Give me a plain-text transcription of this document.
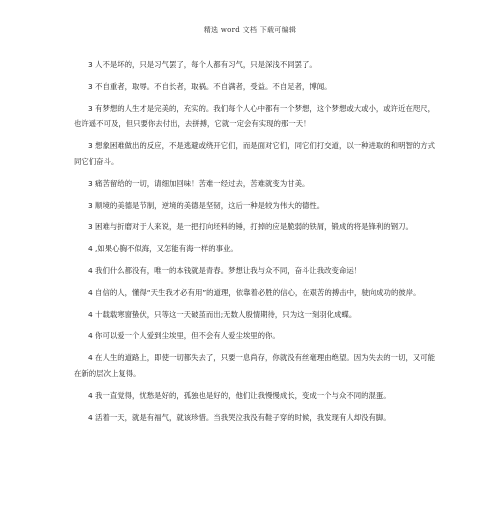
精选 word 文档 下载可编辑

3 人不是坏的，只是习气罢了，每个人都有习气，只是深浅不同罢了。

3 不自重者，取辱。不自长者，取祸。不自满者，受益。不自足者，博闻。

3 有梦想的人生才是完美的，充实的。我们每个人心中都有一个梦想，这个梦想或大或小，或许近在咫尺，也许遥不可及，但只要你去付出，去拼搏，它就一定会有实现的那一天！

3 想象困难做出的反应，不是逃避或绕开它们，而是面对它们，同它们打交道，以一种进取的和明智的方式同它们奋斗。

3 痛苦留给的一切，请细加回味！苦难一经过去，苦难就变为甘美。

3 顺境的美德是节制，逆境的美德是坚韧，这后一种是较为伟大的德性。

3 困难与折磨对于人来说，是一把打向坯料的锤，打掉的应是脆弱的铁屑，锻成的将是锋利的钢刀。

4 ,如果心胸不似海，又怎能有海一样的事业。

4 我们什么都没有，唯一的本钱就是青春。梦想让我与众不同，奋斗让我改变命运！

4 自信的人，懂得“天生我才必有用”的道理，依靠着必胜的信心，在艰苦的搏击中，驶向成功的彼岸。

4 十载载寒窗蛰伏，只等这一天破茧而出;无数人殷情期待，只为这一刻羽化成蝶。

4 你可以爱一个人爱到尘埃里，但不会有人爱尘埃里的你。

4 在人生的道路上，即使一切都失去了，只要一息尚存，你就没有丝毫理由绝望。因为失去的一切，又可能在新的层次上复得。

4 我一直觉得，忧愁是好的，孤独也是好的，他们让我慢慢成长，变成一个与众不同的混蛋。

4 活着一天，就是有福气，就该珍惜。当我哭泣我没有鞋子穿的时候，我发现有人却没有脚。
